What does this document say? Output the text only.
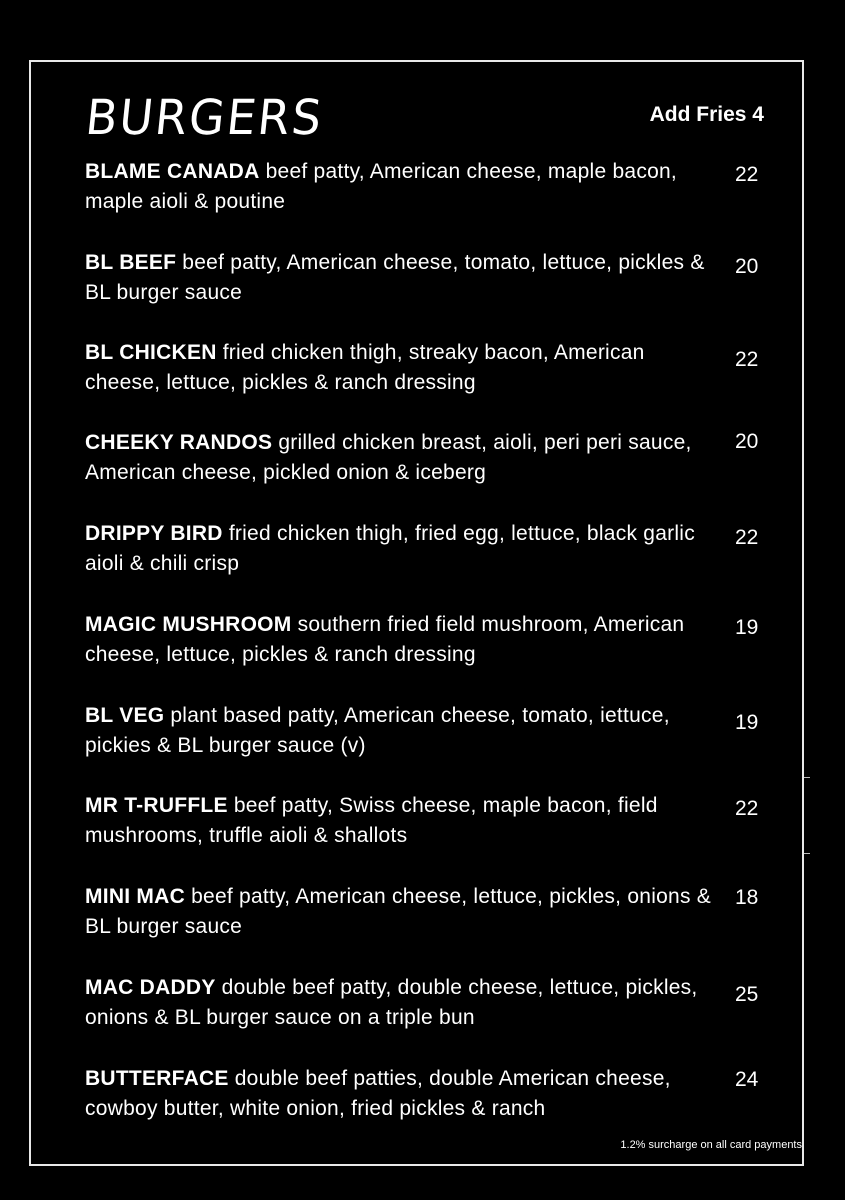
BURGERS	Add Fries 4
BLAME CANADA beef patty, American cheese, maple bacon, maple aioli & poutine
22
BL BEEF beef patty, American cheese, tomato, lettuce, pickles & BL burger sauce
20
BL CHICKEN fried chicken thigh, streaky bacon, American cheese, lettuce, pickles & ranch dressing
22
CHEEKY RANDOS grilled chicken breast, aioli, peri peri sauce, American cheese, pickled onion & iceberg
20
DRIPPY BIRD fried chicken thigh, fried egg, lettuce, black garlic aioli & chili crisp
22
MAGIC MUSHROOM southern fried field mushroom, American cheese, lettuce, pickles & ranch dressing
19
BL VEG plant based patty, American cheese, tomato, iettuce, pickies & BL burger sauce (v)
19
MR T-RUFFLE beef patty, Swiss cheese, maple bacon, field mushrooms, truffle aioli & shallots
22
MINI MAC beef patty, American cheese, lettuce, pickles, onions & BL burger sauce
18
MAC DADDY double beef patty, double cheese, lettuce, pickles, onions & BL burger sauce on a triple bun
25
BUTTERFACE double beef patties, double American cheese, cowboy butter, white onion, fried pickles & ranch
24
1.2% surcharge on all card payments
